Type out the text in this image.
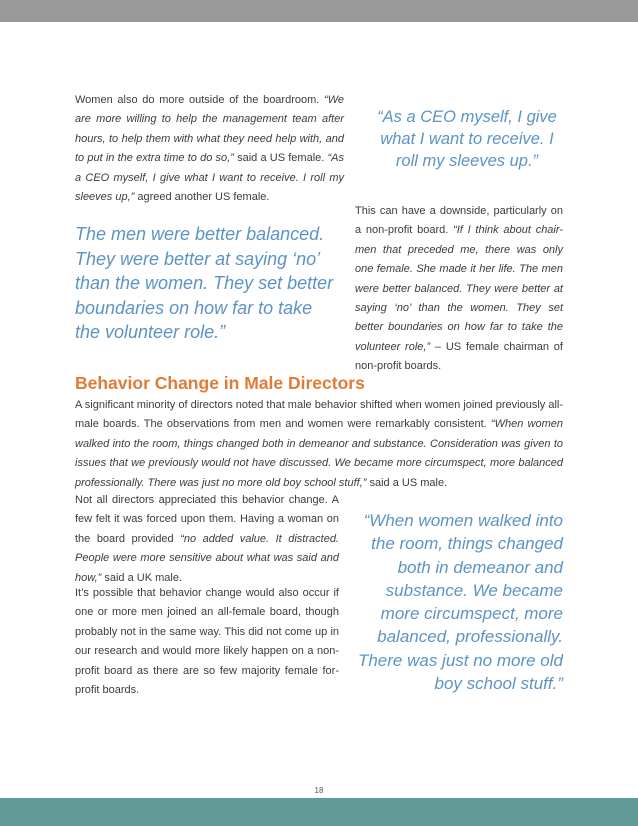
Women also do more outside of the boardroom. “We are more willing to help the management team after hours, to help them with what they need help with, and to put in the extra time to do so,” said a US female. “As a CEO myself, I give what I want to receive. I roll my sleeves up,” agreed another US female.

“As a CEO myself, I give what I want to receive. I roll my sleeves up.”

The men were better balanced. They were better at saying ‘no’ than the women. They set better boundaries on how far to take the volunteer role.”

This can have a downside, particularly on a non-profit board. “If I think about chair-men that preceded me, there was only one female. She made it her life. The men were better balanced. They were better at saying ‘no’ than the women. They set better boundaries on how far to take the volunteer role,” – US female chairman of non-profit boards.

Behavior Change in Male Directors

A significant minority of directors noted that male behavior shifted when women joined previously all-male boards. The observations from men and women were remarkably consistent. “When women walked into the room, things changed both in demeanor and substance. Consideration was given to issues that we previously would not have discussed. We became more circumspect, more balanced professionally. There was just no more old boy school stuff,” said a US male.

Not all directors appreciated this behavior change. A few felt it was forced upon them. Having a woman on the board provided “no added value. It distracted. People were more sensitive about what was said and how,” said a UK male.

It’s possible that behavior change would also occur if one or more men joined an all-female board, though probably not in the same way. This did not come up in our research and would more likely happen on a non-profit board as there are so few majority female for-profit boards.

“When women walked into the room, things changed both in demeanor and substance. We became more circumspect, more balanced, professionally. There was just no more old boy school stuff.”

18
